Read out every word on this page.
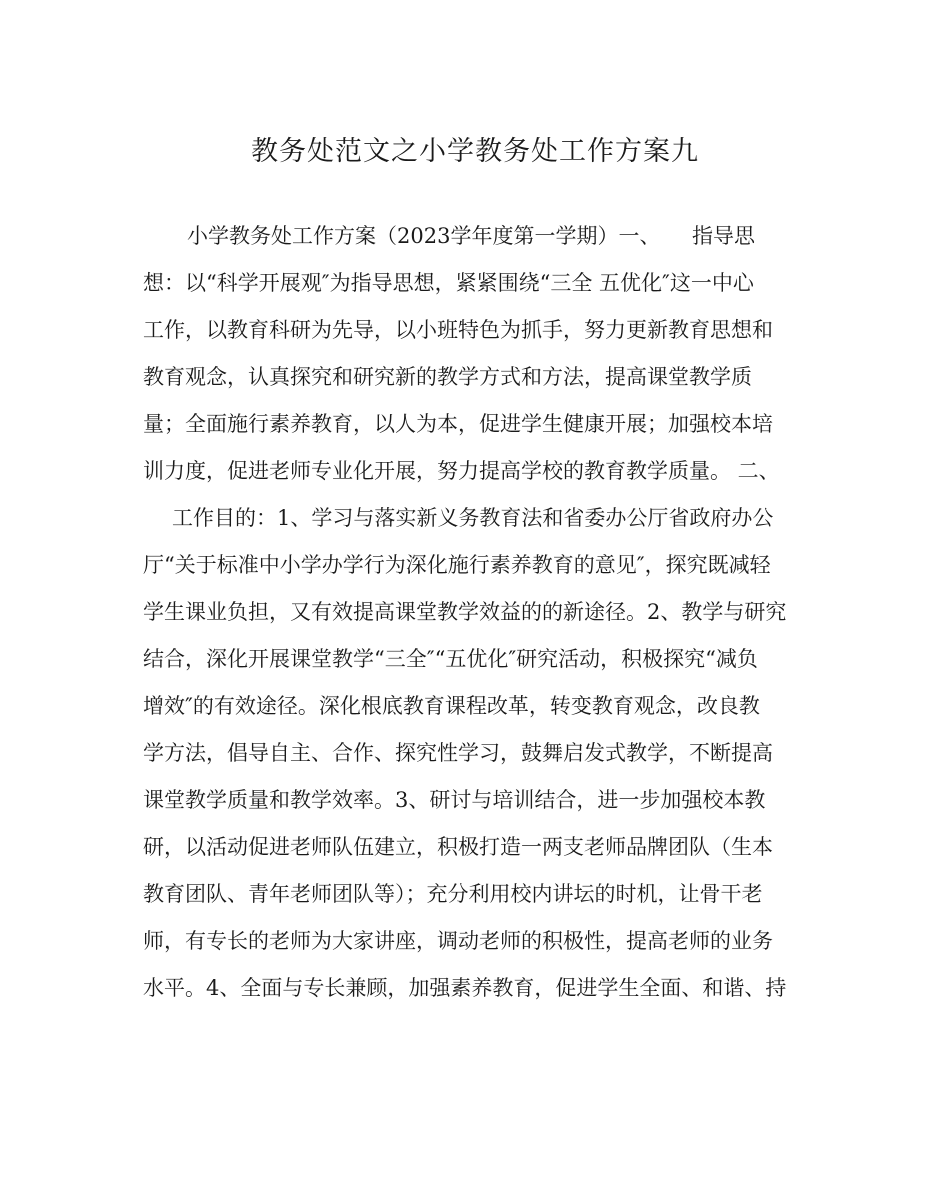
教务处范文之小学教务处工作方案九
小学教务处工作方案（2023学年度第一学期）一、　　指导思
想：以“科学开展观″为指导思想，紧紧围绕“三全 五优化″这一中心
工作，以教育科研为先导，以小班特色为抓手，努力更新教育思想和
教育观念，认真探究和研究新的教学方式和方法，提高课堂教学质
量；全面施行素养教育，以人为本，促进学生健康开展；加强校本培
训力度，促进老师专业化开展，努力提高学校的教育教学质量。 二、
工作目的：1、学习与落实新义务教育法和省委办公厅省政府办公
厅“关于标准中小学办学行为深化施行素养教育的意见″，探究既减轻
学生课业负担，又有效提高课堂教学效益的的新途径。2、教学与研究
结合，深化开展课堂教学“三全″“五优化″研究活动，积极探究“减负
增效″的有效途径。深化根底教育课程改革，转变教育观念，改良教
学方法，倡导自主、合作、探究性学习，鼓舞启发式教学，不断提高
课堂教学质量和教学效率。3、研讨与培训结合，进一步加强校本教
研，以活动促进老师队伍建立，积极打造一两支老师品牌团队（生本
教育团队、青年老师团队等）；充分利用校内讲坛的时机，让骨干老
师，有专长的老师为大家讲座，调动老师的积极性，提高老师的业务
水平。4、全面与专长兼顾，加强素养教育，促进学生全面、和谐、持
